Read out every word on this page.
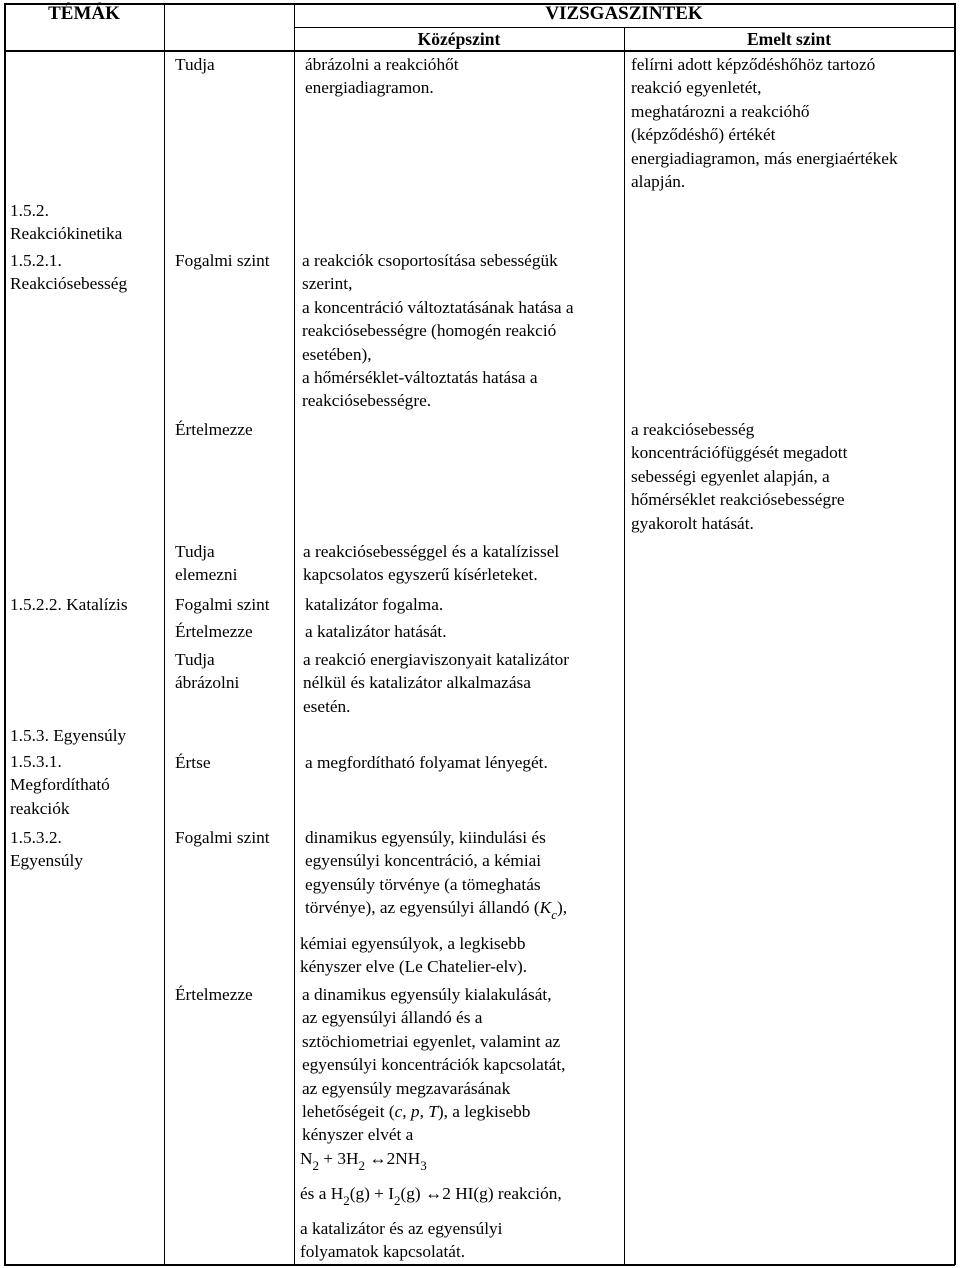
TÉMÁK	VIZSGASZINTEK
Középszint	Emelt szint
1.5.2.
Reakciókinetika
1.5.2.1.
Reakciósebesség
1.5.2.2. Katalízis
1.5.3. Egyensúly
1.5.3.1.
Megfordítható
reakciók
1.5.3.2.
Egyensúly
Tudja
Fogalmi szint
Értelmezze
Tudja
elemezni
Fogalmi szint
Értelmezze
Tudja
ábrázolni
Értse
Fogalmi szint
Értelmezze
ábrázolni a reakcióhőt
energiadiagramon.
a reakciók csoportosítása sebességük
szerint,
a koncentráció változtatásának hatása a
reakciósebességre (homogén reakció
esetében),
a hőmérséklet-változtatás hatása a
reakciósebességre.
a reakciósebességgel és a katalízissel
kapcsolatos egyszerű kísérleteket.
katalizátor fogalma.
a katalizátor hatását.
a reakció energiaviszonyait katalizátor
nélkül és katalizátor alkalmazása
esetén.
a megfordítható folyamat lényegét.
dinamikus egyensúly, kiindulási és
egyensúlyi koncentráció, a kémiai
egyensúly törvénye (a tömeghatás
törvénye), az egyensúlyi állandó $(K_c)$,
kémiai egyensúlyok, a legkisebb
kényszer elve (Le Chatelier-elv).
a dinamikus egyensúly kialakulását,
az egyensúlyi állandó és a
sztöchiometriai egyenlet, valamint az
egyensúlyi koncentrációk kapcsolatát,
az egyensúly megzavarásának
lehetőségeit (c, p, T), a legkisebb
kényszer elvét a
$N_2 + 3H_2$ $\leftrightarrow 2NH_3$
és a $H_2(g) + I_2(g)$ ↔2 HI(g) reakción,
a katalizátor és az egyensúlyi
folyamatok kapcsolatát.
felírni adott képződéshőhöz tartozó
reakció egyenletét,
meghatározni a reakcióhő
(képződéshő) értékét
energiadiagramon, más energiaértékek
alapján.
a reakciósebesség
koncentrációfüggését megadott
sebességi egyenlet alapján, a
hőmérséklet reakciósebességre
gyakorolt hatását.
